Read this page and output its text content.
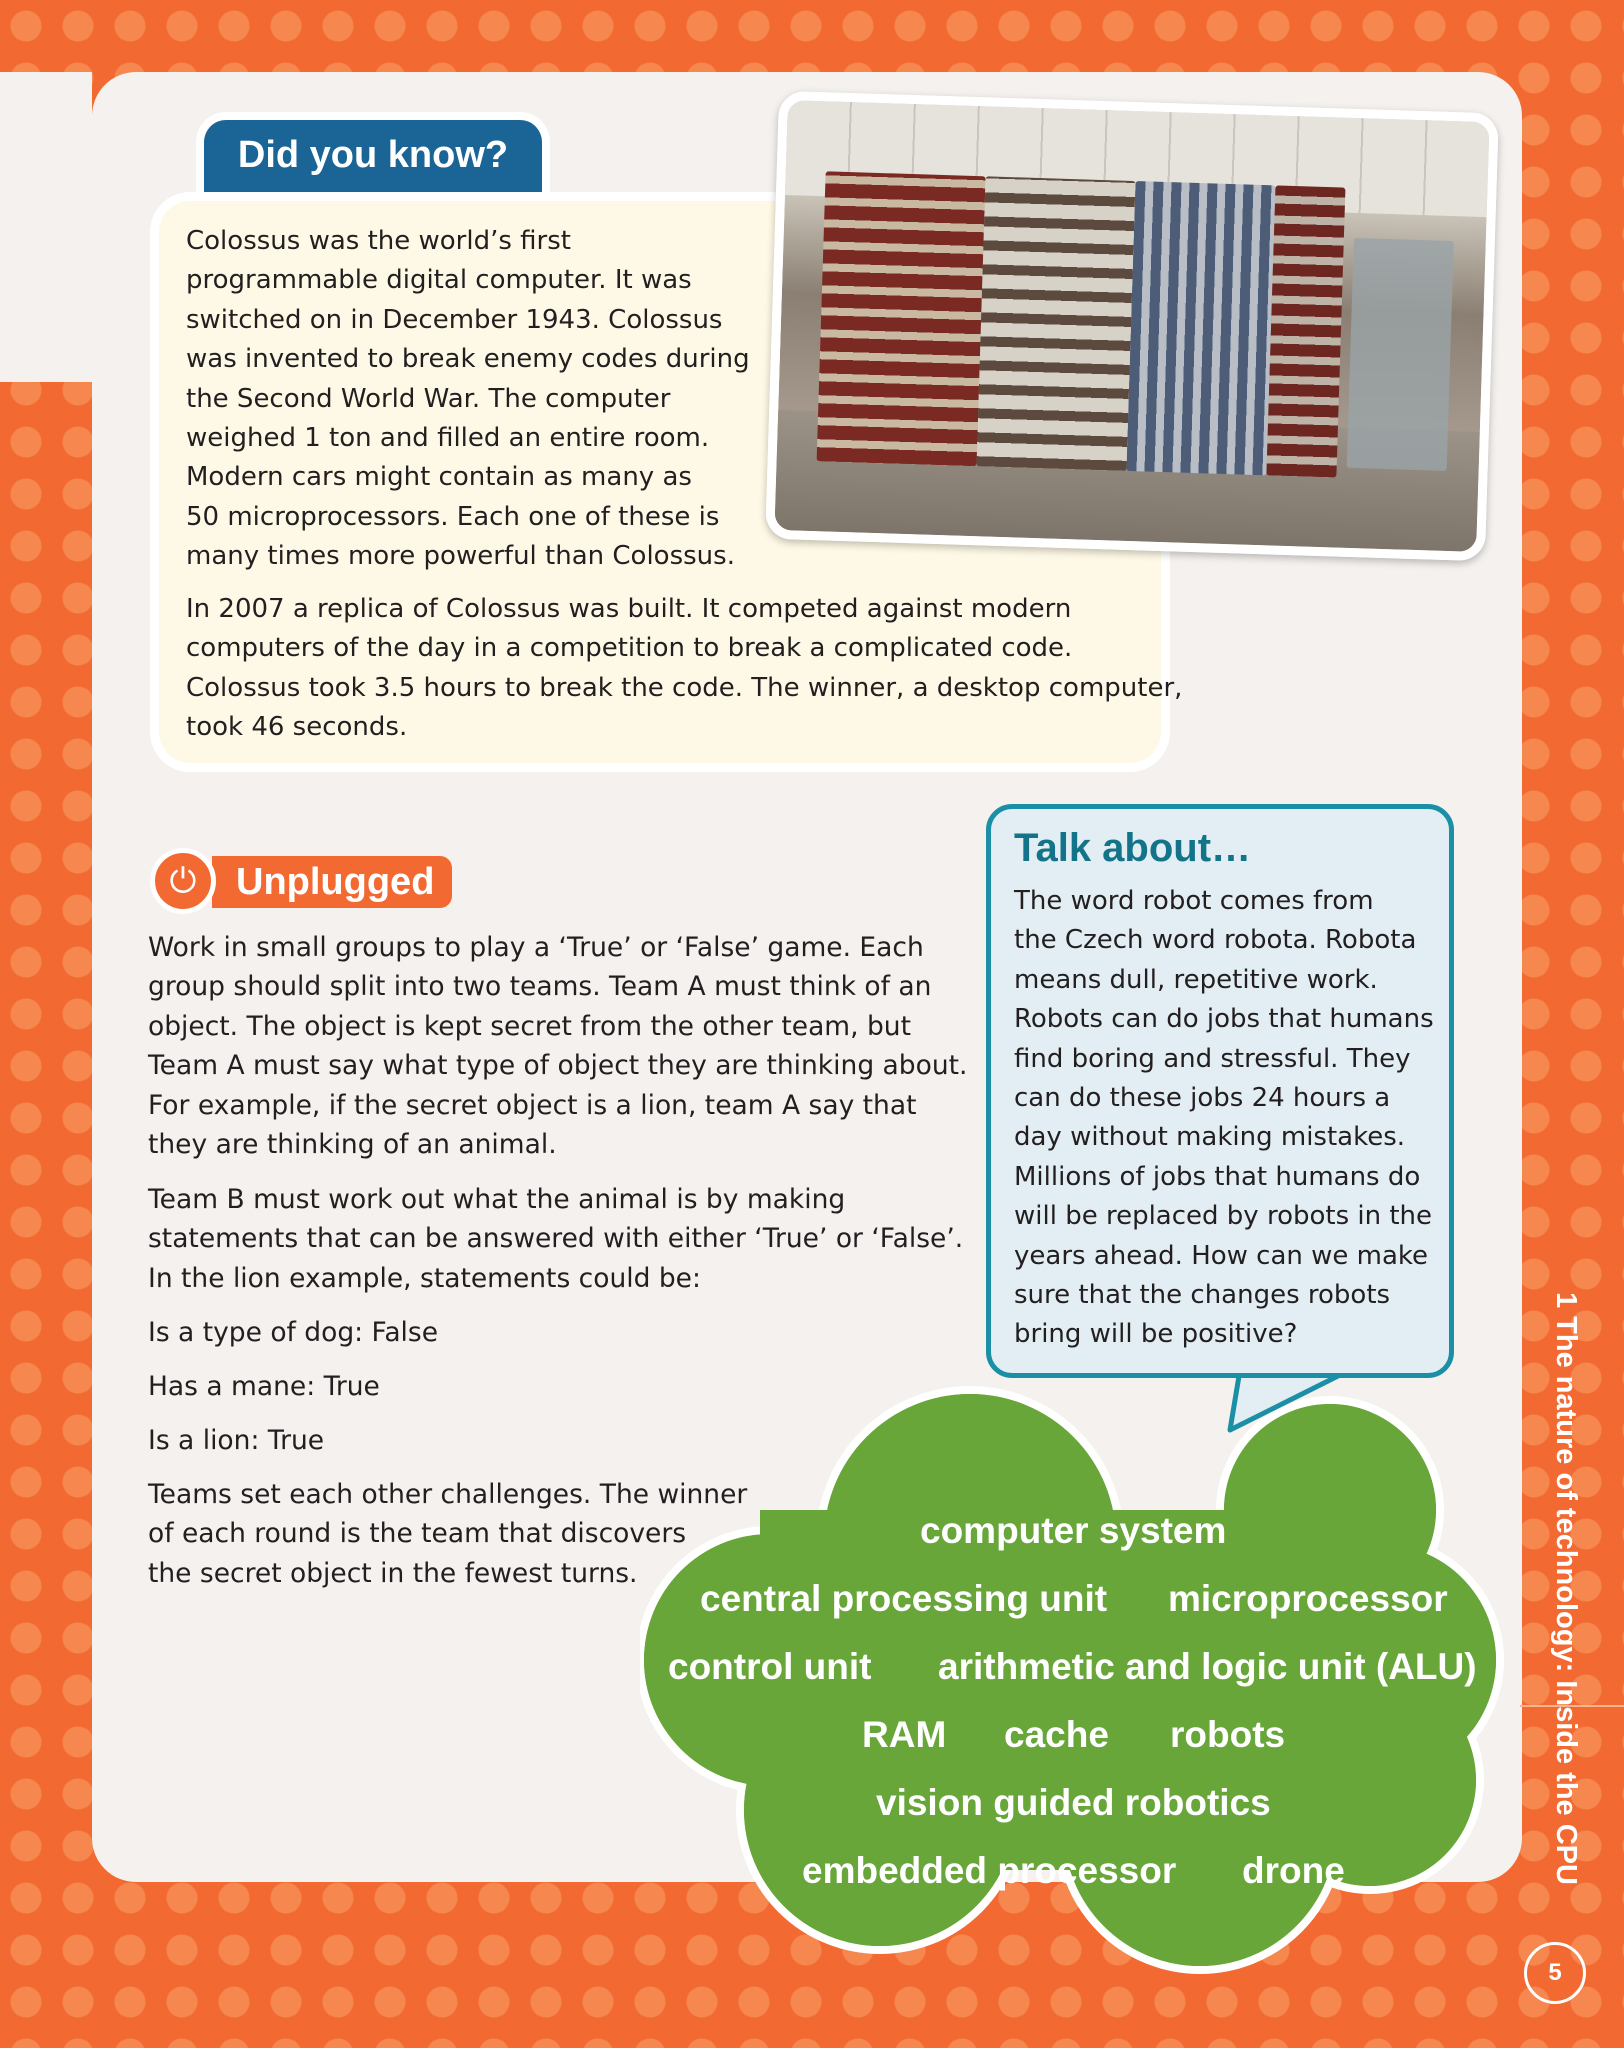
Did you know?
Colossus was the world’s first
programmable digital computer. It was
switched on in December 1943. Colossus
was invented to break enemy codes during
the Second World War. The computer
weighed 1 ton and filled an entire room.
Modern cars might contain as many as
50 microprocessors. Each one of these is
many times more powerful than Colossus.
In 2007 a replica of Colossus was built. It competed against modern
computers of the day in a competition to break a complicated code.
Colossus took 3.5 hours to break the code. The winner, a desktop computer,
took 46 seconds.
Unplugged
⏻
Work in small groups to play a ‘True’ or ‘False’ game. Each
group should split into two teams. Team A must think of an
object. The object is kept secret from the other team, but
Team A must say what type of object they are thinking about.
For example, if the secret object is a lion, team A say that
they are thinking of an animal.
Team B must work out what the animal is by making
statements that can be answered with either ‘True’ or ‘False’.
In the lion example, statements could be:
Is a type of dog: False
Has a mane: True
Is a lion: True
Teams set each other challenges. The winner
of each round is the team that discovers
the secret object in the fewest turns.
computer system
central processing unit microprocessor
control unit arithmetic and logic unit (ALU)
RAM cache robots
vision guided robotics
embedded processor drone
Talk about…
The word robot comes from
the Czech word robota. Robota
means dull, repetitive work.
Robots can do jobs that humans
find boring and stressful. They
can do these jobs 24 hours a
day without making mistakes.
Millions of jobs that humans do
will be replaced by robots in the
years ahead. How can we make
sure that the changes robots
bring will be positive?	1 The nature of technology: Inside the CPU
5
